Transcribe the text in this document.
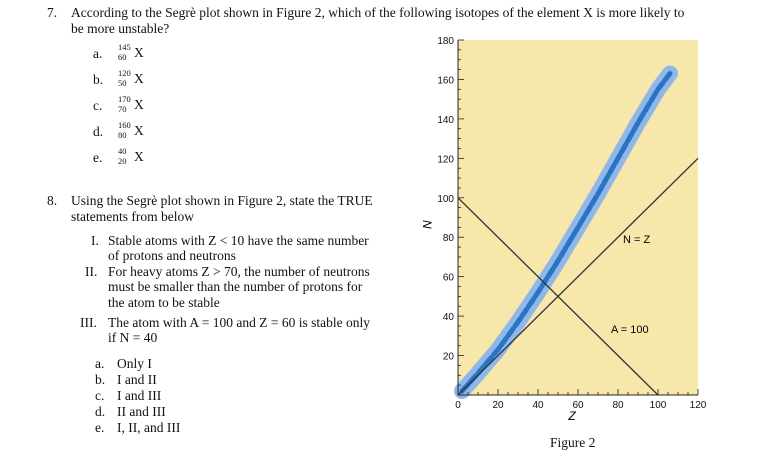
7. According to the Segrè plot shown in Figure 2, which of the following isotopes of the element X is more likely to
be more unstable?
a. 145
60 X
b. 120
50 X
c. 170
70 X
d. 160
80 X
e. 40
20 X
8. Using the Segrè plot shown in Figure 2, state the TRUE
statements from below
I. Stable atoms with Z < 10 have the same number
of protons and neutrons
II. For heavy atoms Z > 70, the number of neutrons
must be smaller than the number of protons for
the atom to be stable
III. The atom with A = 100 and Z = 60 is stable only
if N = 40
a. Only I
b. I and II
c. I and III
d. II and III
e. I, II, and III
20
40
60
80
100
120
140
160
180
0	20	40	60	80	100 120
N
Z
N = Z
A = 100
Figure 2
